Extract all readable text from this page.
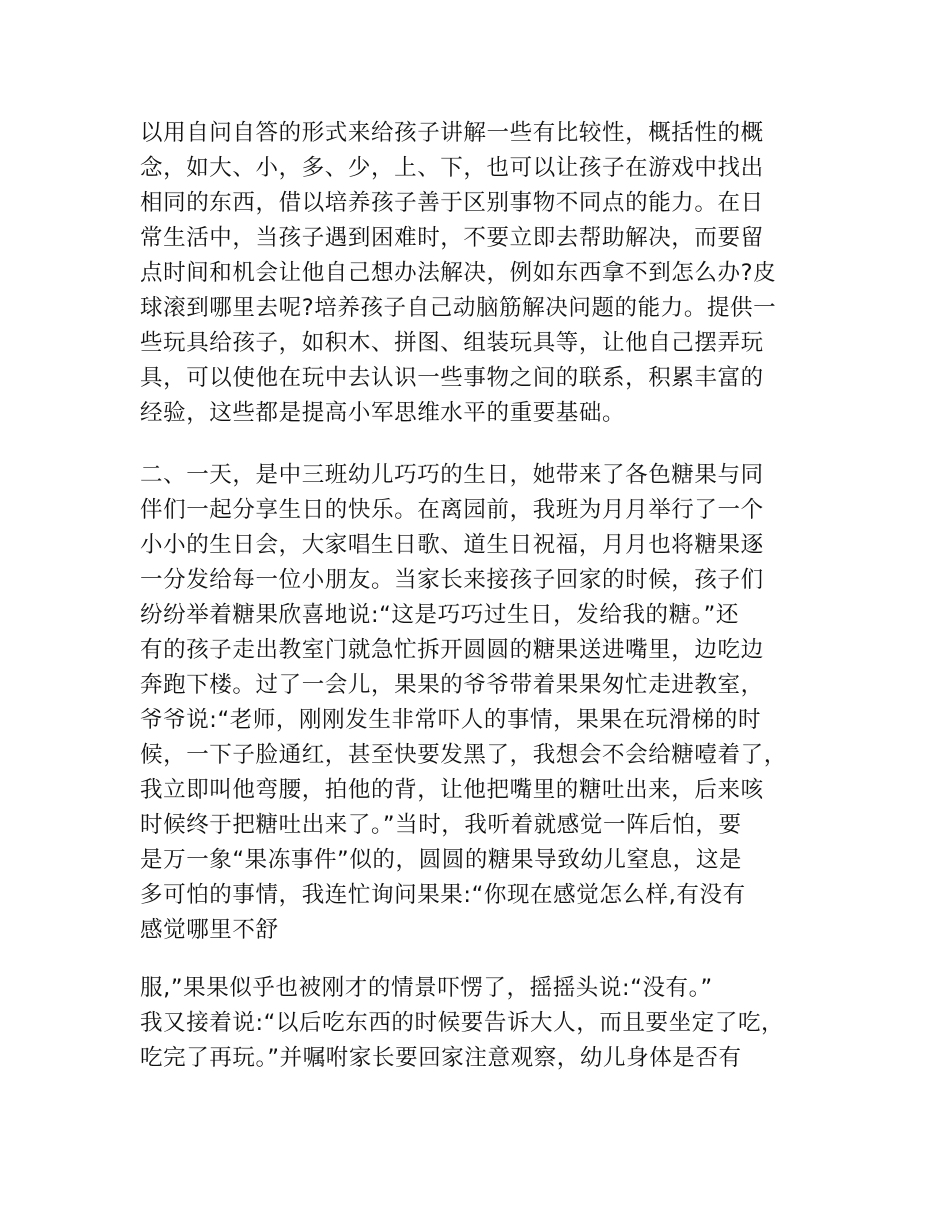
以用自问自答的形式来给孩子讲解一些有比较性，概括性的概
念，如大、小，多、少，上、下，也可以让孩子在游戏中找出
相同的东西，借以培养孩子善于区别事物不同点的能力。在日
常生活中，当孩子遇到困难时，不要立即去帮助解决，而要留
点时间和机会让他自己想办法解决，例如东西拿不到怎么办?皮
球滚到哪里去呢?培养孩子自己动脑筋解决问题的能力。提供一
些玩具给孩子，如积木、拼图、组装玩具等，让他自己摆弄玩
具，可以使他在玩中去认识一些事物之间的联系，积累丰富的
经验，这些都是提高小军思维水平的重要基础。

二、一天，是中三班幼儿巧巧的生日，她带来了各色糖果与同
伴们一起分享生日的快乐。在离园前，我班为月月举行了一个
小小的生日会，大家唱生日歌、道生日祝福，月月也将糖果逐
一分发给每一位小朋友。当家长来接孩子回家的时候，孩子们
纷纷举着糖果欣喜地说:“这是巧巧过生日，发给我的糖。”还
有的孩子走出教室门就急忙拆开圆圆的糖果送进嘴里，边吃边
奔跑下楼。过了一会儿，果果的爷爷带着果果匆忙走进教室，
爷爷说:“老师，刚刚发生非常吓人的事情，果果在玩滑梯的时
候，一下子脸通红，甚至快要发黑了，我想会不会给糖噎着了，
我立即叫他弯腰，拍他的背，让他把嘴里的糖吐出来，后来咳
时候终于把糖吐出来了。”当时，我听着就感觉一阵后怕，要
是万一象“果冻事件”似的，圆圆的糖果导致幼儿窒息，这是
多可怕的事情，我连忙询问果果:“你现在感觉怎么样,有没有
感觉哪里不舒

服,”果果似乎也被刚才的情景吓愣了，摇摇头说:“没有。”
我又接着说:“以后吃东西的时候要告诉大人，而且要坐定了吃，
吃完了再玩。”并嘱咐家长要回家注意观察，幼儿身体是否有
